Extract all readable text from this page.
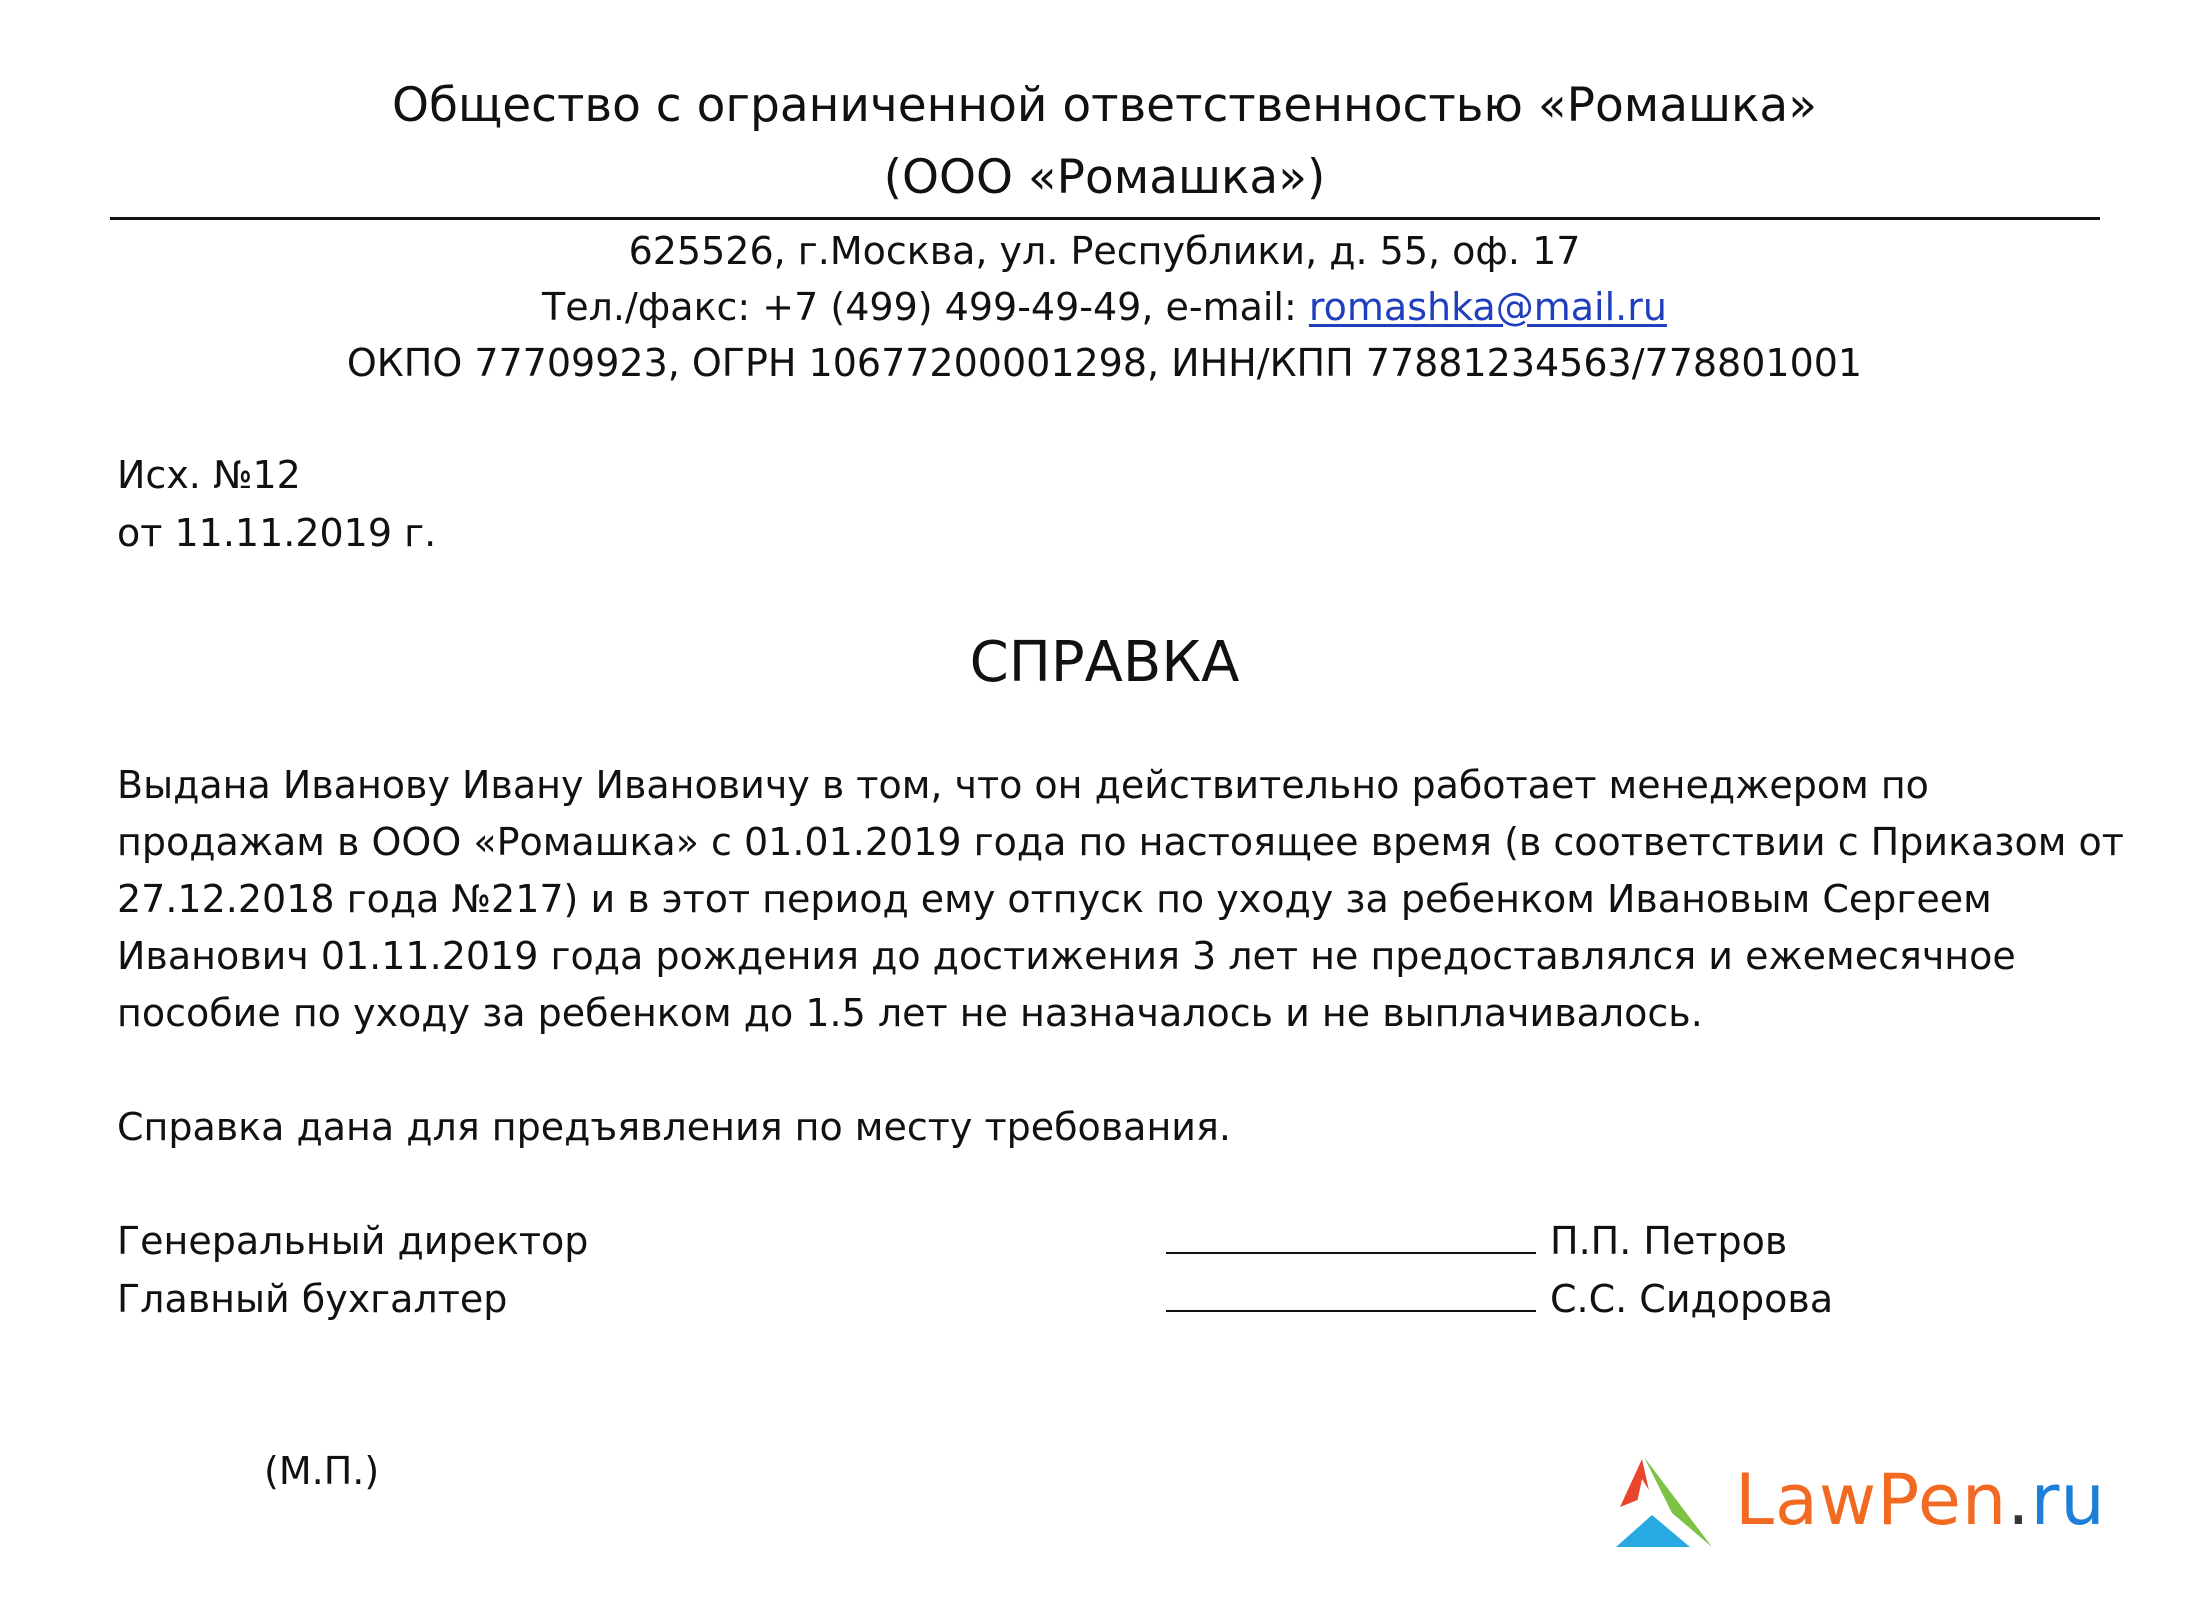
Общество с ограниченной ответственностью «Ромашка»
(ООО «Ромашка»)
625526, г.Москва, ул. Республики, д. 55, оф. 17
Тел./факс: +7 (499) 499-49-49, e-mail: romashka@mail.ru
ОКПО 77709923, ОГРН 10677200001298, ИНН/КПП 77881234563/778801001
Исх. №12
от 11.11.2019 г.
СПРАВКА
Выдана Иванову Ивану Ивановичу в том, что он действительно работает менеджером по
продажам в ООО «Ромашка» с 01.01.2019 года по настоящее время (в соответствии с Приказом от
27.12.2018 года №217) и в этот период ему отпуск по уходу за ребенком Ивановым Сергеем
Иванович 01.11.2019 года рождения до достижения 3 лет не предоставлялся и ежемесячное
пособие по уходу за ребенком до 1.5 лет не назначалось и не выплачивалось.
Справка дана для предъявления по месту требования.
Генеральный директор	П.П. Петров
Главный бухгалтер	С.С. Сидорова
(М.П.)	LawPen.ru
